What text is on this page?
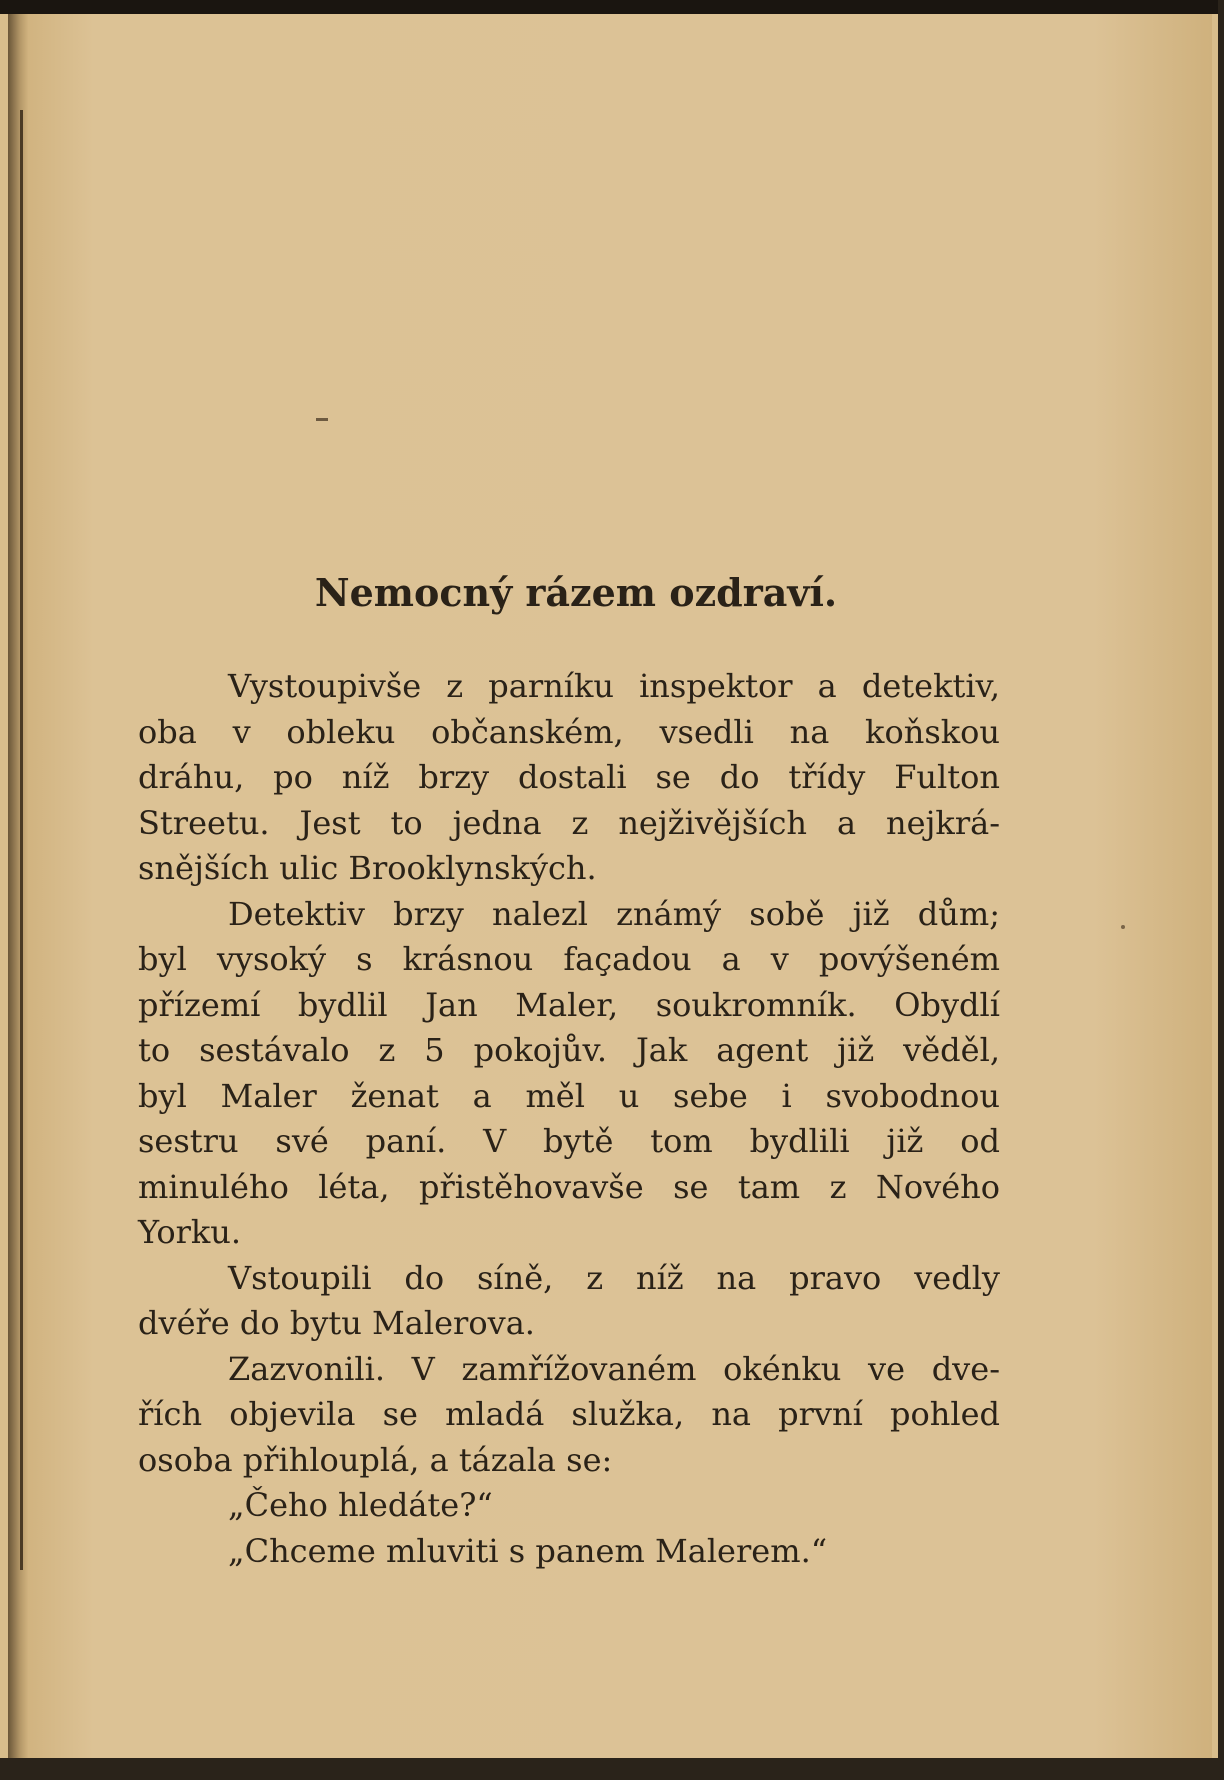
Nemocný rázem ozdraví.

Vystoupivše z parníku inspektor a detektiv,
oba v obleku občanském, vsedli na koňskou
dráhu, po níž brzy dostali se do třídy Fulton
Streetu. Jest to jedna z nejživějších a nejkrá-
snějších ulic Brooklynských.

Detektiv brzy nalezl známý sobě již dům;
byl vysoký s krásnou façadou a v povýšeném
přízemí bydlil Jan Maler, soukromník. Obydlí
to sestávalo z 5 pokojův. Jak agent již věděl,
byl Maler ženat a měl u sebe i svobodnou
sestru své paní. V bytě tom bydlili již od
minulého léta, přistěhovavše se tam z Nového
Yorku.

Vstoupili do síně, z níž na pravo vedly
dvéře do bytu Malerova.

Zazvonili. V zamřížovaném okénku ve dve-
řích objevila se mladá služka, na první pohled
osoba přihlouplá, a tázala se:

„Čeho hledáte?“

„Chceme mluviti s panem Malerem.“
